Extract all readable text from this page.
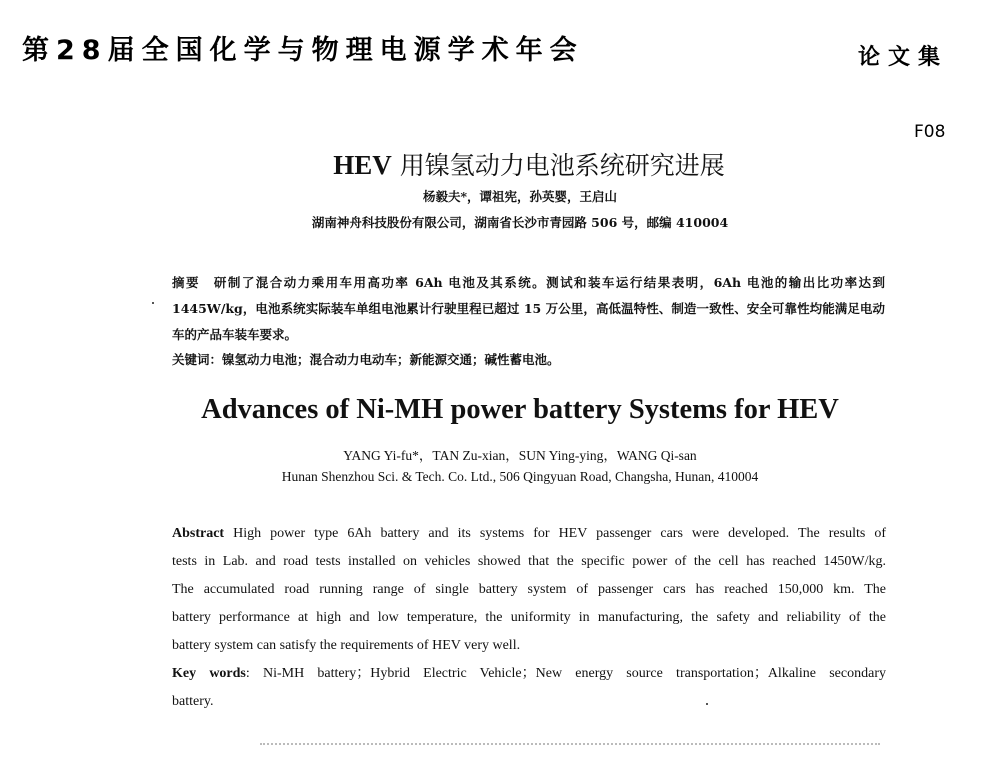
第28届全国化学与物理电源学术年会	论文集
F08
HEV 用镍氢动力电池系统研究进展
杨毅夫*，谭祖宪，孙英婴，王启山
湖南神舟科技股份有限公司，湖南省长沙市青园路 506 号，邮编 410004
摘要 研制了混合动力乘用车用高功率 6Ah 电池及其系统。测试和装车运行结果表明，6Ah 电池的输出比功率达到 1445W/kg，电池系统实际装车单组电池累计行驶里程已超过 15 万公里，高低温特性、制造一致性、安全可靠性均能满足电动车的产品车装车要求。
关键词：镍氢动力电池；混合动力电动车；新能源交通；碱性蓄电池。
Advances of Ni-MH power battery Systems for HEV
YANG Yi-fu*，TAN Zu-xian，SUN Ying-ying，WANG Qi-san
Hunan Shenzhou Sci. & Tech. Co. Ltd., 506 Qingyuan Road, Changsha, Hunan, 410004
Abstract High power type 6Ah battery and its systems for HEV passenger cars were developed. The results of
tests in Lab. and road tests installed on vehicles showed that the specific power of the cell has reached 1450W/kg.
The accumulated road running range of single battery system of passenger cars has reached 150,000 km. The
battery performance at high and low temperature, the uniformity in manufacturing, the safety and reliability of the
battery system can satisfy the requirements of HEV very well.
Key words: Ni-MH battery；Hybrid Electric Vehicle；New energy source transportation；Alkaline secondary
battery.
